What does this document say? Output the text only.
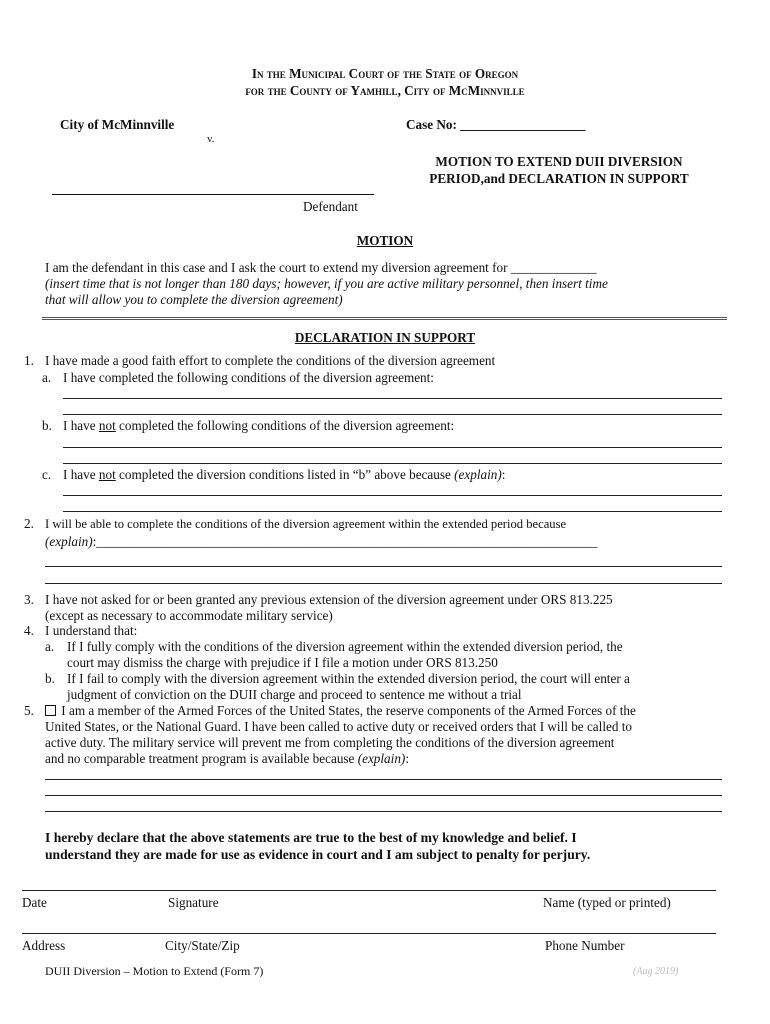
In the Municipal Court of the State of Oregon
for the County of Yamhill, City of McMinnville
City of McMinnville
v.
Case No: ___________________
MOTION TO EXTEND DUII DIVERSION
PERIOD,and DECLARATION IN SUPPORT
Defendant
MOTION
I am the defendant in this case and I ask the court to extend my diversion agreement for _____________
(insert time that is not longer than 180 days; however, if you are active military personnel, then insert time
that will allow you to complete the diversion agreement)
DECLARATION IN SUPPORT
1. I have made a good faith effort to complete the conditions of the diversion agreement
a. I have completed the following conditions of the diversion agreement:
b. I have not completed the following conditions of the diversion agreement:
c. I have not completed the diversion conditions listed in “b” above because (explain):
2. I will be able to complete the conditions of the diversion agreement within the extended period because
(explain):____________________________________________________________________________
3. I have not asked for or been granted any previous extension of the diversion agreement under ORS 813.225
(except as necessary to accommodate military service)
4. I understand that:
a. If I fully comply with the conditions of the diversion agreement within the extended diversion period, the
court may dismiss the charge with prejudice if I file a motion under ORS 813.250
b. If I fail to comply with the diversion agreement within the extended diversion period, the court will enter a
judgment of conviction on the DUII charge and proceed to sentence me without a trial
5.	I am a member of the Armed Forces of the United States, the reserve components of the Armed Forces of the
United States, or the National Guard. I have been called to active duty or received orders that I will be called to
active duty. The military service will prevent me from completing the conditions of the diversion agreement
and no comparable treatment program is available because (explain):
I hereby declare that the above statements are true to the best of my knowledge and belief. I
understand they are made for use as evidence in court and I am subject to penalty for perjury.
Date	Signature	Name (typed or printed)
Address	City/State/Zip	Phone Number
DUII Diversion – Motion to Extend (Form 7)	(Aug 2019)
